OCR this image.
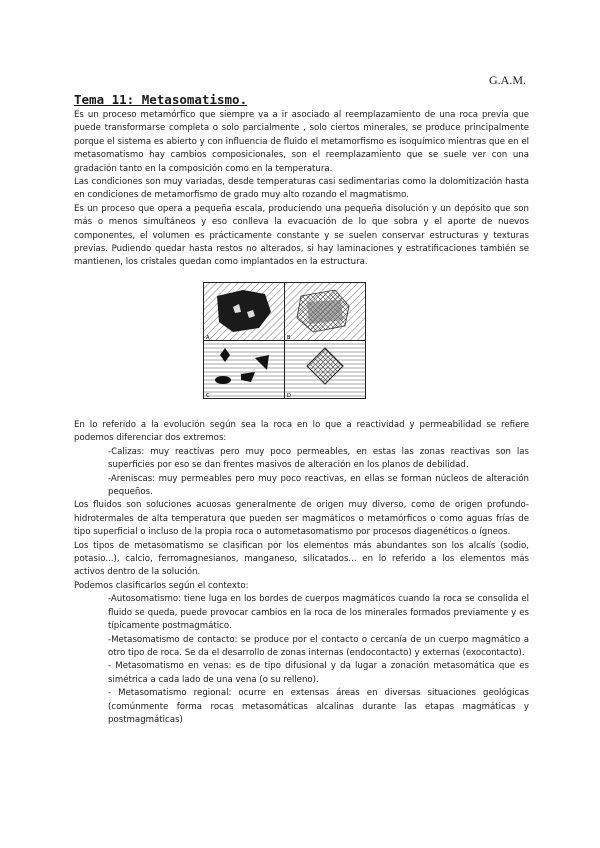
G.A.M.
Tema 11: Metasomatismo.

Es un proceso metamórfico que siempre va a ir asociado al reemplazamiento de una roca previa que puede transformarse completa o solo parcialmente , solo ciertos minerales, se produce principalmente porque el sistema es abierto y con influencia de fluido el metamorfismo es isoquímico mientras que en el metasomatismo hay cambios composicionales, son el reemplazamiento que se suele ver con una gradación tanto en la composición como en la temperatura.

Las condiciones son muy variadas, desde temperaturas casi sedimentarias como la dolomitización hasta en condiciones de metamorfismo de grado muy alto rozando el magmatismo.

Es un proceso que opera a pequeña escala, produciendo una pequeña disolución y un depósito que son más o menos simultáneos y eso conlleva la evacuación de lo que sobra y el aporte de nuevos componentes, el volumen es prácticamente constante y se suelen conservar estructuras y texturas previas. Pudiendo quedar hasta restos no alterados, si hay laminaciones y estratificaciones también se mantienen, los cristales quedan como implantados en la estructura.

A	B
C	D

En lo referido a la evolución según sea la roca en lo que a reactividad y permeabilidad se refiere podemos diferenciar dos extremos:

-Calizas: muy reactivas pero muy poco permeables, en estas las zonas reactivas son las superficies por eso se dan frentes masivos de alteración en los planos de debilidad.

-Areniscas: muy permeables pero muy poco reactivas, en ellas se forman núcleos de alteración pequeños.

Los fluidos son soluciones acuosas generalmente de origen muy diverso, como de origen profundo-hidrotermales de alta temperatura que pueden ser magmáticos o metamórficos o como aguas frías de tipo superficial o incluso de la propia roca o autometasomatismo por procesos diagenéticos o ígneos.

Los tipos de metasomatismo se clasifican por los elementos más abundantes son los alcalís (sodio, potasio...), calcio, ferromagnesianos, manganeso, silicatados... en lo referido a los elementos más activos dentro de la solución.

Podemos clasificarlos según el contexto:

-Autosomatismo: tiene luga en los bordes de cuerpos magmáticos cuando la roca se consolida el fluido se queda, puede provocar cambios en la roca de los minerales formados previamente y es típicamente postmagmático.

-Metasomatismo de contacto: se produce por el contacto o cercanía de un cuerpo magmático a otro tipo de roca. Se da el desarrollo de zonas internas (endocontacto) y externas (exocontacto).

- Metasomatismo en venas: es de tipo difusional y da lugar a zonación metasomática que es simétrica a cada lado de una vena (o su relleno).

- Metasomatismo regional: ocurre en extensas áreas en diversas situaciones geológicas (comúnmente forma rocas metasomáticas alcalinas durante las etapas magmáticas y postmagmáticas)
